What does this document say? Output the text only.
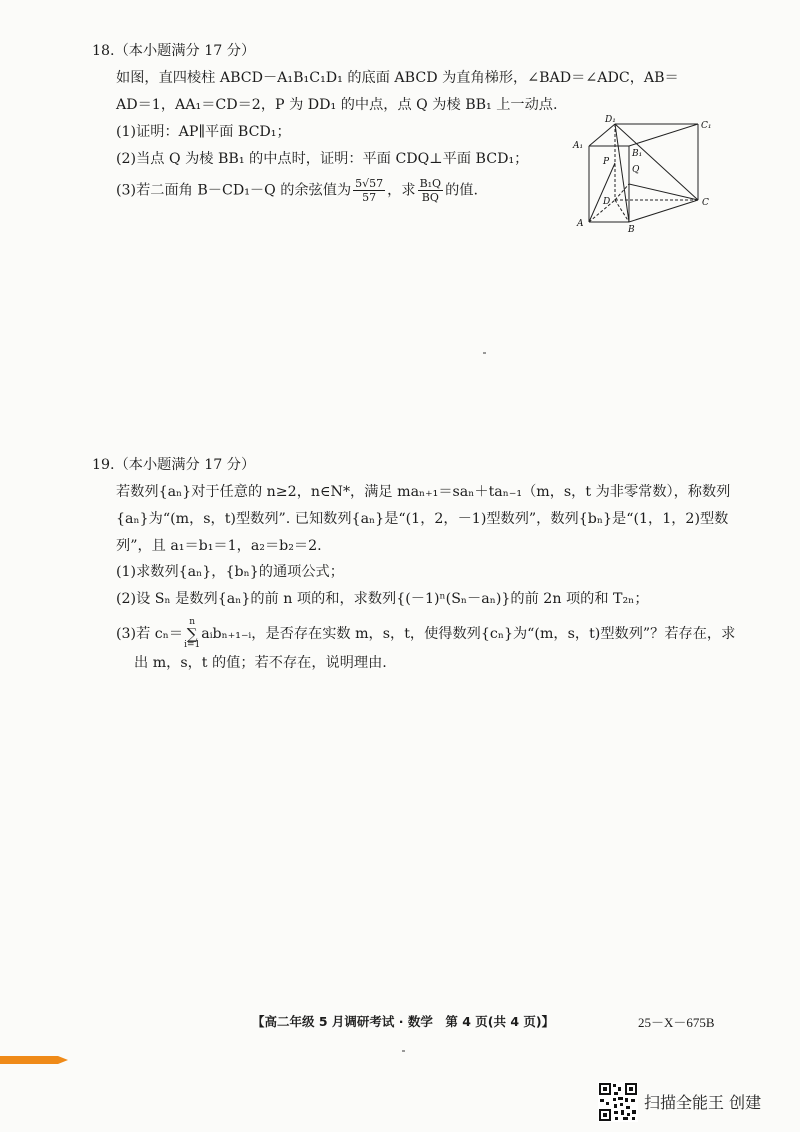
18.（本小题满分 17 分）

如图，直四棱柱 ABCD－A₁B₁C₁D₁ 的底面 ABCD 为直角梯形，∠BAD＝∠ADC，AB＝

AD＝1，AA₁＝CD＝2，P 为 DD₁ 的中点，点 Q 为棱 BB₁ 上一动点.

(1)证明：AP∥平面 BCD₁；

(2)当点 Q 为棱 BB₁ 的中点时，证明：平面 CDQ⊥平面 BCD₁；

(3)若二面角 B－CD₁－Q 的余弦值为 $\frac{5√57}{57}$ ，求 $\frac{\text{B₁Q}}{BQ}$ 的值.

D₁
C₁
A₁
B₁
P
Q
D	C
A
B

19.（本小题满分 17 分）

若数列{aₙ}对于任意的 n≥2，n∈N*，满足 maₙ₊₁＝saₙ＋taₙ₋₁（m，s，t 为非零常数），称数列

{aₙ}为“(m，s，t)型数列”. 已知数列{aₙ}是“(1，2，－1)型数列”，数列{bₙ}是“(1，1，2)型数

列”，且 a₁＝b₁＝1，a₂＝b₂＝2.

(1)求数列{aₙ}，{bₙ}的通项公式；

(2)设 Sₙ 是数列{aₙ}的前 n 项的和，求数列{(－1)ⁿ(Sₙ－aₙ)}的前 2n 项的和 T₂ₙ；

(3)若 cₙ＝n
∑
i=1aᵢbₙ₊₁₋ᵢ，是否存在实数 m，s，t，使得数列{cₙ}为“(m，s，t)型数列”？若存在，求

出 m，s，t 的值；若不存在，说明理由.

【高二年级 5 月调研考试 · 数学　第 4 页(共 4 页)】	25－X－675B
扫描全能王 创建
